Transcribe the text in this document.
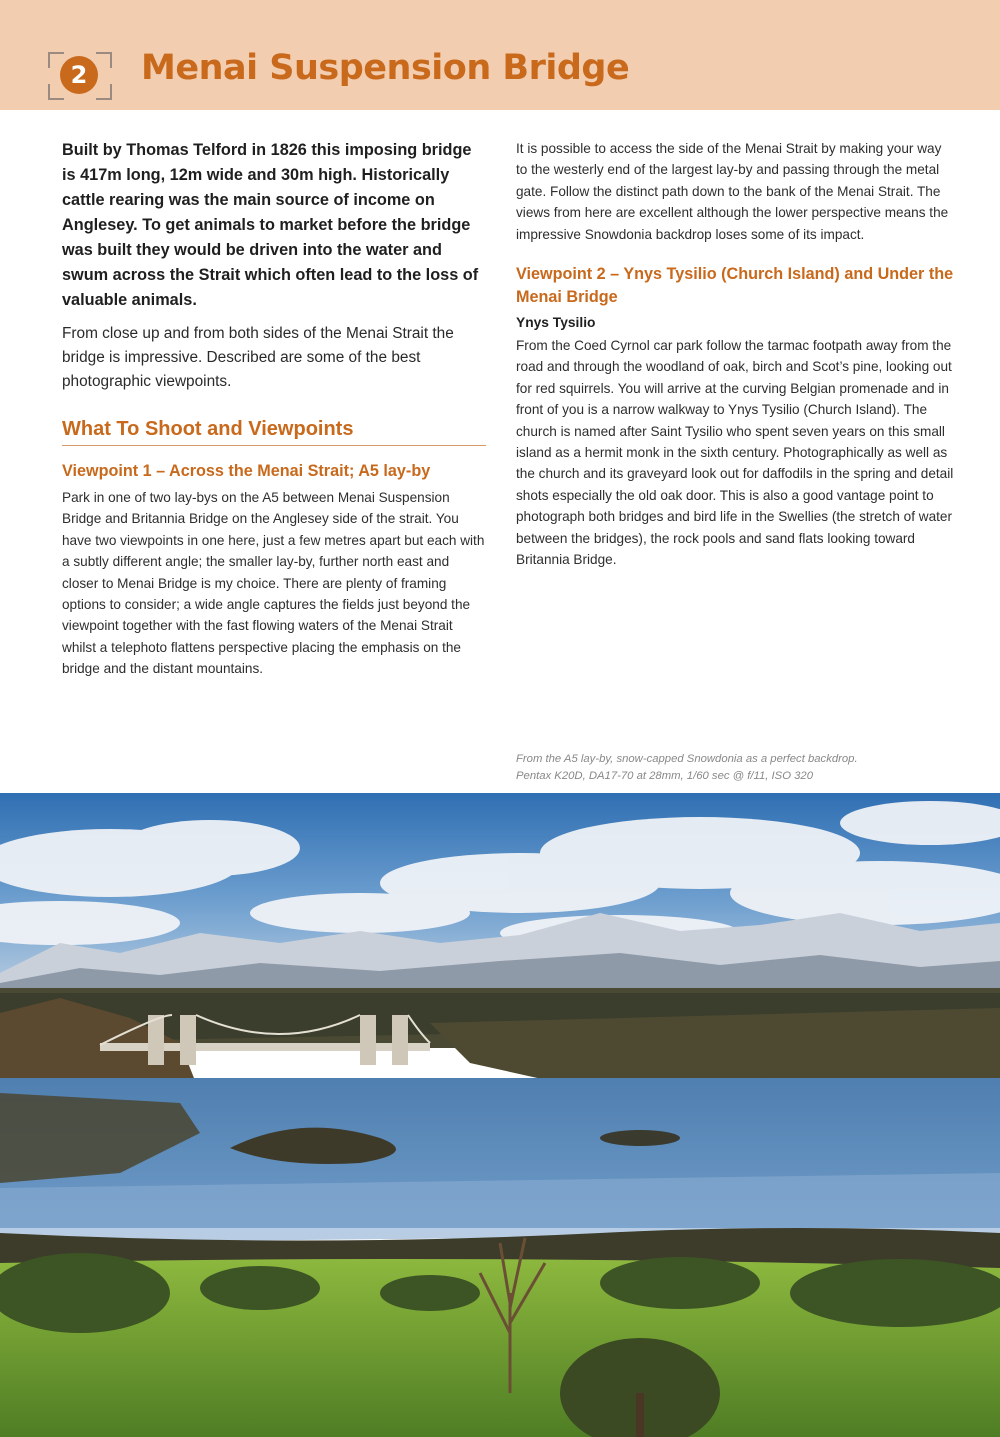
2	Menai Suspension Bridge

Built by Thomas Telford in 1826 this imposing bridge is 417m long, 12m wide and 30m high. Historically cattle rearing was the main source of income on Anglesey. To get animals to market before the bridge was built they would be driven into the water and swum across the Strait which often lead to the loss of valuable animals.

From close up and from both sides of the Menai Strait the bridge is impressive. Described are some of the best photographic viewpoints.

What To Shoot and Viewpoints
Viewpoint 1 – Across the Menai Strait; A5 lay-by

Park in one of two lay-bys on the A5 between Menai Suspension Bridge and Britannia Bridge on the Anglesey side of the strait. You have two viewpoints in one here, just a few metres apart but each with a subtly different angle; the smaller lay-by, further north east and closer to Menai Bridge is my choice. There are plenty of framing options to consider; a wide angle captures the fields just beyond the viewpoint together with the fast flowing waters of the Menai Strait whilst a telephoto flattens perspective placing the emphasis on the bridge and the distant mountains.

It is possible to access the side of the Menai Strait by making your way to the westerly end of the largest lay-by and passing through the metal gate. Follow the distinct path down to the bank of the Menai Strait. The views from here are excellent although the lower perspective means the impressive Snowdonia backdrop loses some of its impact.

Viewpoint 2 – Ynys Tysilio (Church Island) and Under the Menai Bridge
Ynys Tysilio

From the Coed Cyrnol car park follow the tarmac footpath away from the road and through the woodland of oak, birch and Scot’s pine, looking out for red squirrels. You will arrive at the curving Belgian promenade and in front of you is a narrow walkway to Ynys Tysilio (Church Island). The church is named after Saint Tysilio who spent seven years on this small island as a hermit monk in the sixth century. Photographically as well as the church and its graveyard look out for daffodils in the spring and detail shots especially the old oak door. This is also a good vantage point to photograph both bridges and bird life in the Swellies (the stretch of water between the bridges), the rock pools and sand flats looking toward Britannia Bridge.

From the A5 lay-by, snow-capped Snowdonia as a perfect backdrop.
Pentax K20D, DA17-70 at 28mm, 1/60 sec @ f/11, ISO 320
